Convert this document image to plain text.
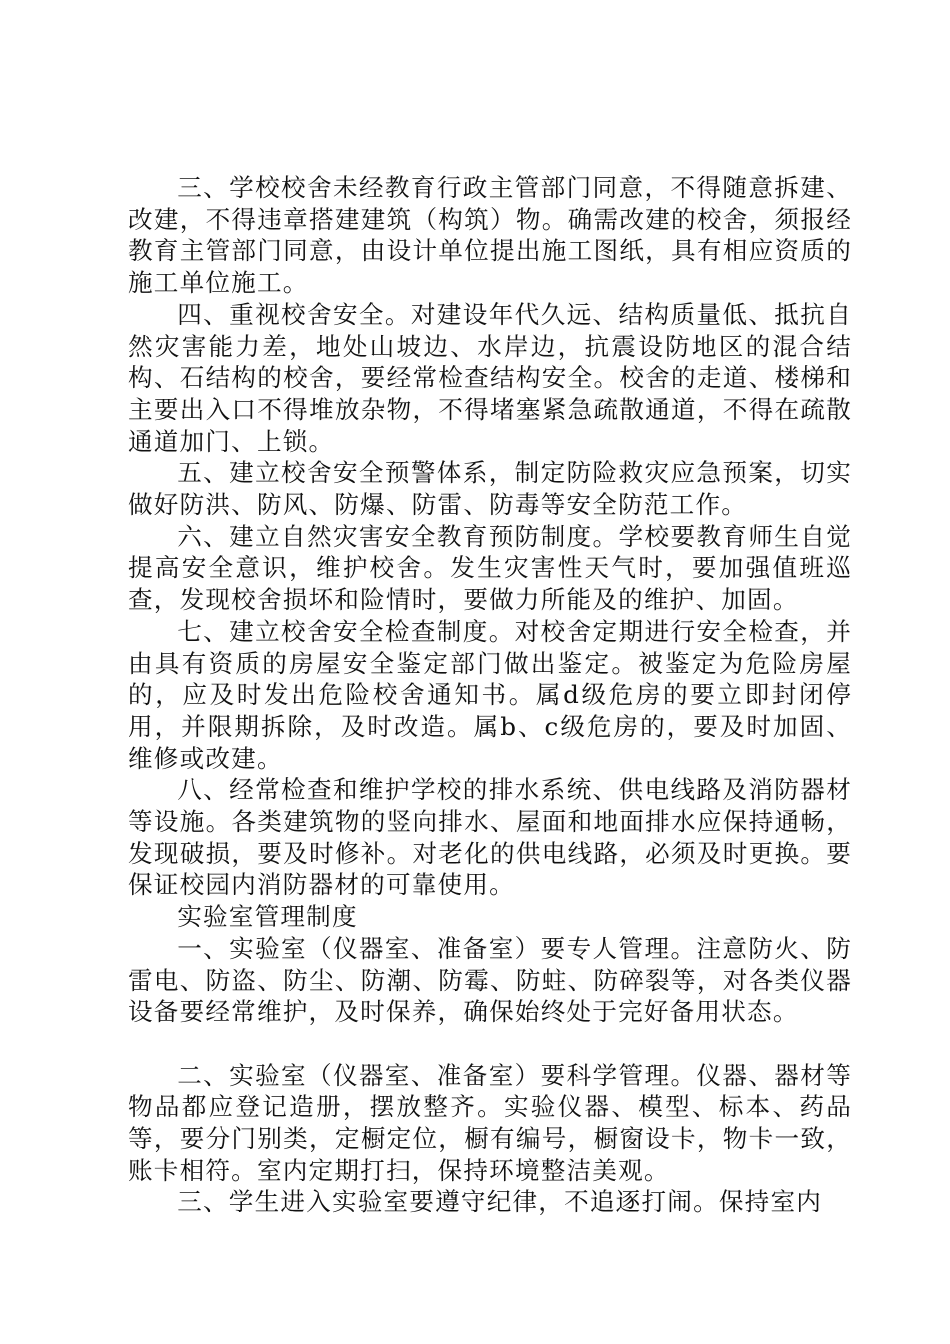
三、学校校舍未经教育行政主管部门同意，不得随意拆建、改建，不得违章搭建建筑（构筑）物。确需改建的校舍，须报经教育主管部门同意，由设计单位提出施工图纸，具有相应资质的施工单位施工。

四、重视校舍安全。对建设年代久远、结构质量低、抵抗自然灾害能力差，地处山坡边、水岸边，抗震设防地区的混合结构、石结构的校舍，要经常检查结构安全。校舍的走道、楼梯和主要出入口不得堆放杂物，不得堵塞紧急疏散通道，不得在疏散通道加门、上锁。

五、建立校舍安全预警体系，制定防险救灾应急预案，切实做好防洪、防风、防爆、防雷、防毒等安全防范工作。

六、建立自然灾害安全教育预防制度。学校要教育师生自觉提高安全意识，维护校舍。发生灾害性天气时，要加强值班巡查，发现校舍损坏和险情时，要做力所能及的维护、加固。

七、建立校舍安全检查制度。对校舍定期进行安全检查，并由具有资质的房屋安全鉴定部门做出鉴定。被鉴定为危险房屋的，应及时发出危险校舍通知书。属d级危房的要立即封闭停用，并限期拆除，及时改造。属b、c级危房的，要及时加固、维修或改建。

八、经常检查和维护学校的排水系统、供电线路及消防器材等设施。各类建筑物的竖向排水、屋面和地面排水应保持通畅，发现破损，要及时修补。对老化的供电线路，必须及时更换。要保证校园内消防器材的可靠使用。

实验室管理制度

一、实验室（仪器室、准备室）要专人管理。注意防火、防雷电、防盗、防尘、防潮、防霉、防蛀、防碎裂等，对各类仪器设备要经常维护，及时保养，确保始终处于完好备用状态。

二、实验室（仪器室、准备室）要科学管理。仪器、器材等物品都应登记造册，摆放整齐。实验仪器、模型、标本、药品等，要分门别类，定橱定位，橱有编号，橱窗设卡，物卡一致，账卡相符。室内定期打扫，保持环境整洁美观。

三、学生进入实验室要遵守纪律，不追逐打闹。保持室内
